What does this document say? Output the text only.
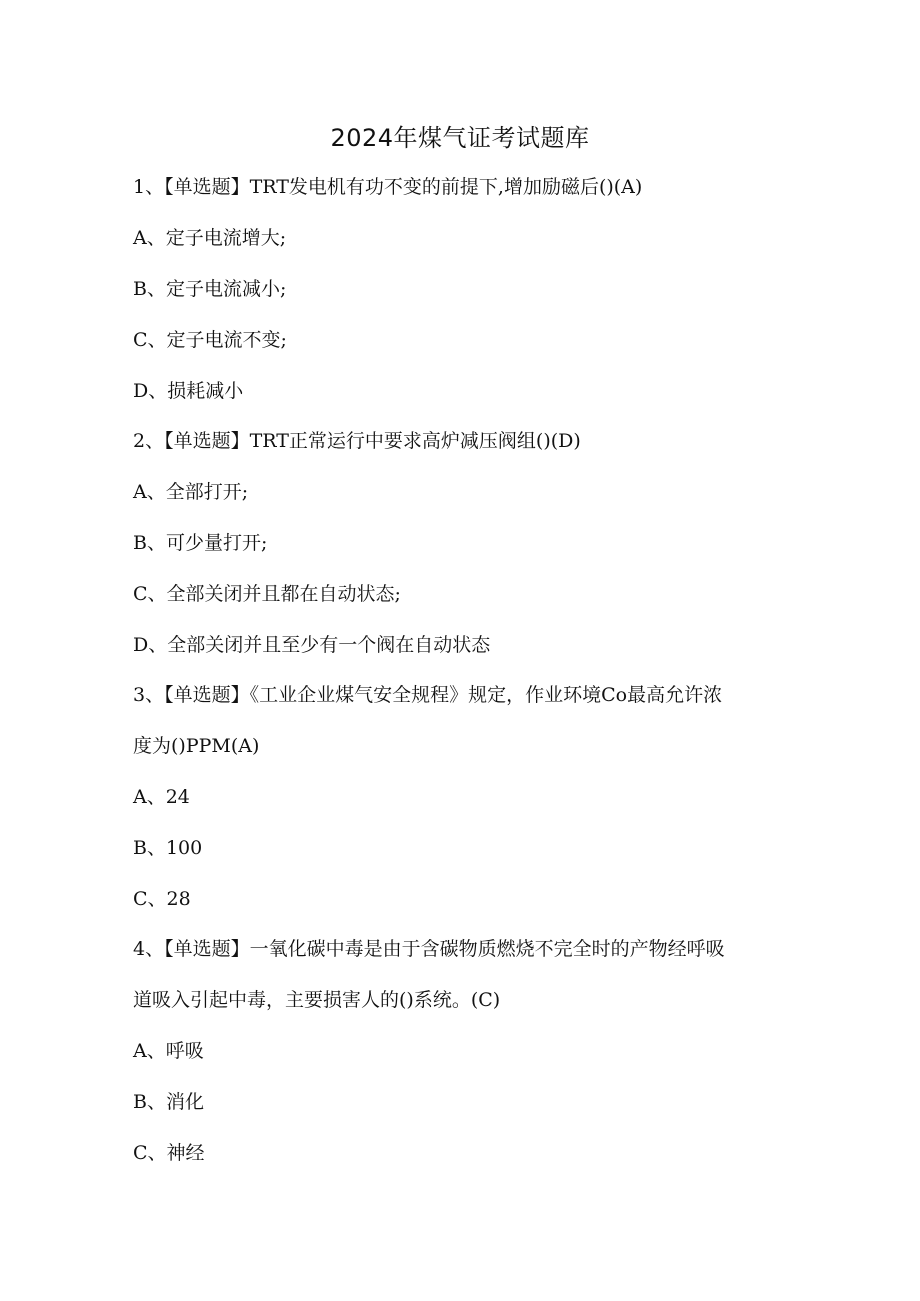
2024年煤气证考试题库
1、【单选题】TRT发电机有功不变的前提下,增加励磁后()(A)
A、定子电流增大;
B、定子电流减小;
C、定子电流不变;
D、损耗减小
2、【单选题】TRT正常运行中要求高炉减压阀组()(D)
A、全部打开;
B、可少量打开;
C、全部关闭并且都在自动状态;
D、全部关闭并且至少有一个阀在自动状态
3、【单选题】《工业企业煤气安全规程》规定，作业环境Co最高允许浓
度为()PPM(A)
A、24
B、100
C、28
4、【单选题】一氧化碳中毒是由于含碳物质燃烧不完全时的产物经呼吸
道吸入引起中毒，主要损害人的()系统。(C)
A、呼吸
B、消化
C、神经
